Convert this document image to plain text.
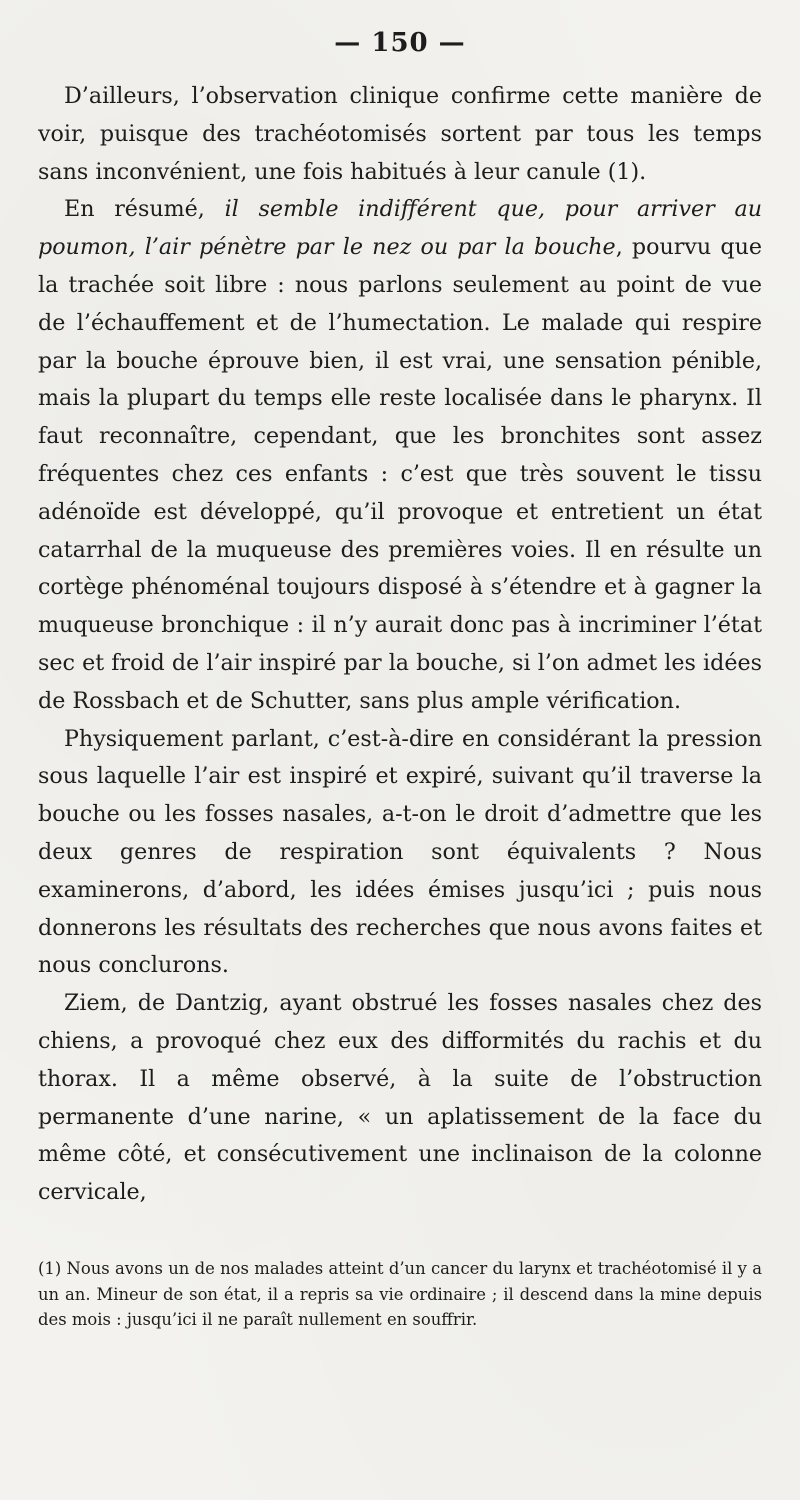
— 150 —

D’ailleurs, l’observation clinique confirme cette manière de voir, puisque des trachéotomisés sortent par tous les temps sans inconvénient, une fois habitués à leur canule (1).

En résumé, il semble indifférent que, pour arriver au poumon, l’air pénètre par le nez ou par la bouche, pourvu que la trachée soit libre : nous parlons seulement au point de vue de l’échauffement et de l’humectation. Le malade qui respire par la bouche éprouve bien, il est vrai, une sensation pénible, mais la plupart du temps elle reste localisée dans le pharynx. Il faut reconnaître, cependant, que les bronchites sont assez fréquentes chez ces enfants : c’est que très souvent le tissu adénoïde est développé, qu’il provoque et entretient un état catarrhal de la muqueuse des premières voies. Il en résulte un cortège phénoménal toujours disposé à s’étendre et à gagner la muqueuse bronchique : il n’y aurait donc pas à incriminer l’état sec et froid de l’air inspiré par la bouche, si l’on admet les idées de Rossbach et de Schutter, sans plus ample vérification.

Physiquement parlant, c’est-à-dire en considérant la pression sous laquelle l’air est inspiré et expiré, suivant qu’il traverse la bouche ou les fosses nasales, a-t-on le droit d’admettre que les deux genres de respiration sont équivalents ? Nous examinerons, d’abord, les idées émises jusqu’ici ; puis nous donnerons les résultats des recherches que nous avons faites et nous conclurons.

Ziem, de Dantzig, ayant obstrué les fosses nasales chez des chiens, a provoqué chez eux des difformités du rachis et du thorax. Il a même observé, à la suite de l’obstruction permanente d’une narine, « un aplatissement de la face du même côté, et consécutivement une inclinaison de la colonne cervicale,

(1) Nous avons un de nos malades atteint d’un cancer du larynx et trachéotomisé il y a un an. Mineur de son état, il a repris sa vie ordinaire ; il descend dans la mine depuis des mois : jusqu’ici il ne paraît nullement en souffrir.
